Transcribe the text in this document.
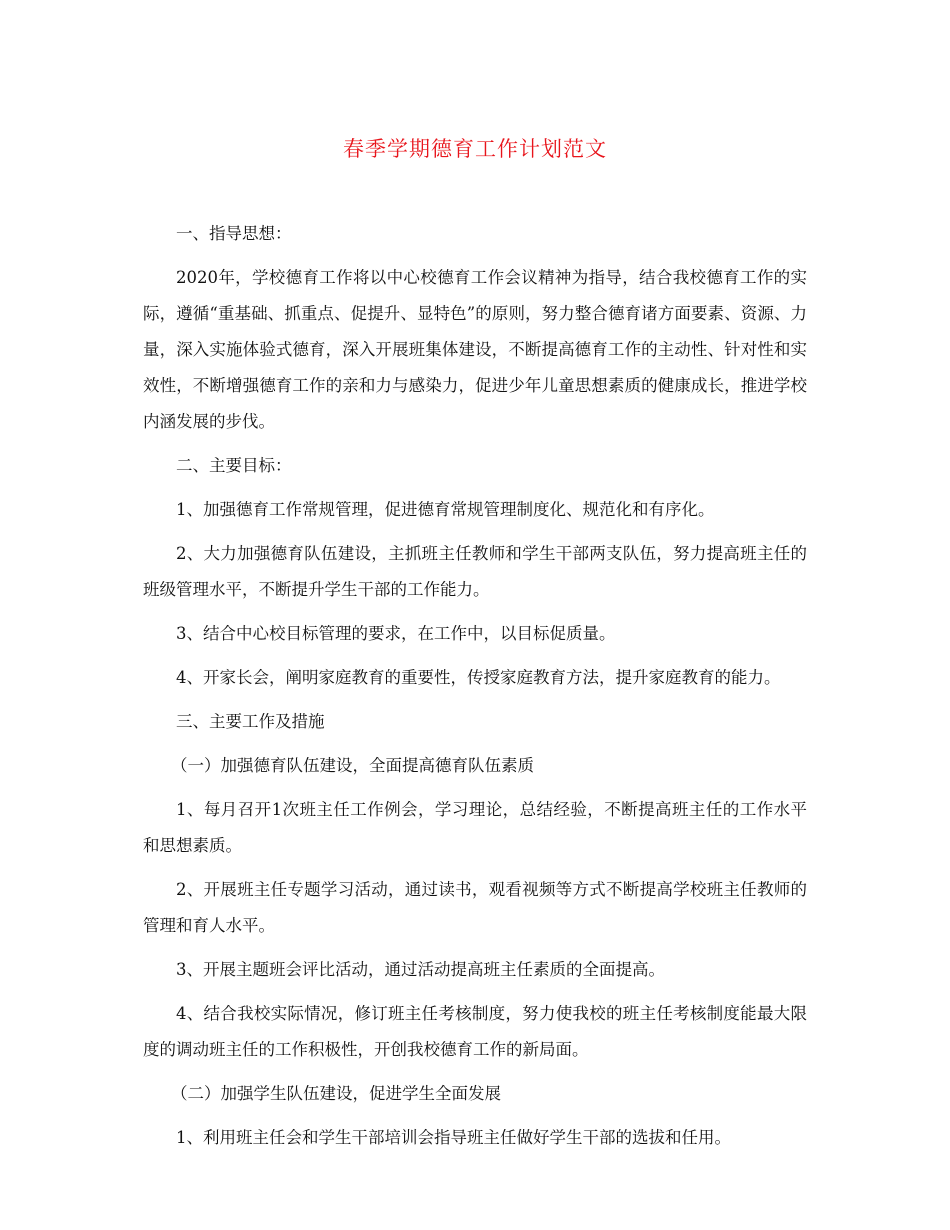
春季学期德育工作计划范文

一、指导思想：

2020年，学校德育工作将以中心校德育工作会议精神为指导，结合我校德育工作的实际，遵循“重基础、抓重点、促提升、显特色”的原则，努力整合德育诸方面要素、资源、力量，深入实施体验式德育，深入开展班集体建设，不断提高德育工作的主动性、针对性和实效性，不断增强德育工作的亲和力与感染力，促进少年儿童思想素质的健康成长，推进学校内涵发展的步伐。

二、主要目标：

1、加强德育工作常规管理，促进德育常规管理制度化、规范化和有序化。

2、大力加强德育队伍建设，主抓班主任教师和学生干部两支队伍，努力提高班主任的班级管理水平，不断提升学生干部的工作能力。

3、结合中心校目标管理的要求，在工作中，以目标促质量。

4、开家长会，阐明家庭教育的重要性，传授家庭教育方法，提升家庭教育的能力。

三、主要工作及措施

（一）加强德育队伍建设，全面提高德育队伍素质

1、每月召开1次班主任工作例会，学习理论，总结经验，不断提高班主任的工作水平和思想素质。

2、开展班主任专题学习活动，通过读书，观看视频等方式不断提高学校班主任教师的管理和育人水平。

3、开展主题班会评比活动，通过活动提高班主任素质的全面提高。

4、结合我校实际情况，修订班主任考核制度，努力使我校的班主任考核制度能最大限度的调动班主任的工作积极性，开创我校德育工作的新局面。

（二）加强学生队伍建设，促进学生全面发展

1、利用班主任会和学生干部培训会指导班主任做好学生干部的选拔和任用。
